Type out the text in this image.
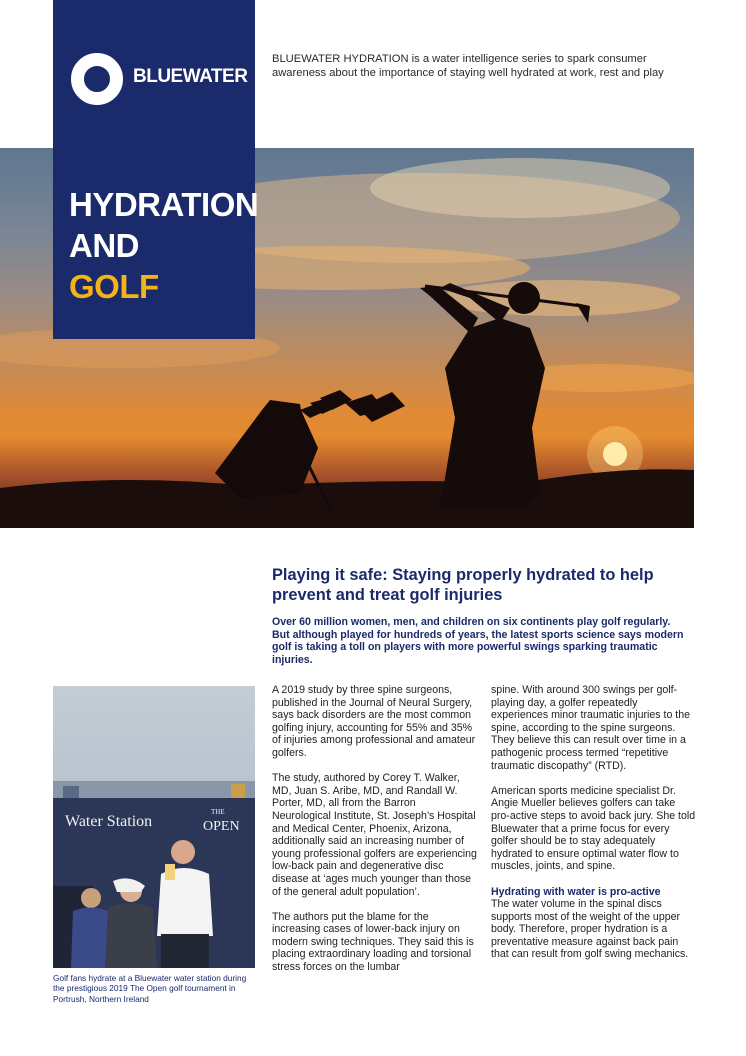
BLUEWATER
HYDRATION
AND
GOLF
BLUEWATER HYDRATION is a water intelligence series to spark consumer awareness about the importance of staying well hydrated at work, rest and play
Playing it safe: Staying properly hydrated to help prevent and treat golf injuries
Over 60 million women, men, and children on six continents play golf regularly. But although played for hundreds of years, the latest sports science says modern golf is taking a toll on players with more powerful swings sparking traumatic injuries.

A 2019 study by three spine surgeons, published in the Journal of Neural Surgery, says back disorders are the most common golfing injury, accounting for 55% and 35% of injuries among professional and amateur golfers.

The study, authored by Corey T. Walker, MD, Juan S. Aribe, MD, and Randall W. Porter, MD, all from the Barron Neurological Institute, St. Joseph’s Hospital and Medical Center, Phoenix, Arizona, additionally said an increasing number of young professional golfers are experiencing low-back pain and degenerative disc disease at ‘ages much younger than those of the general adult population’.

The authors put the blame for the increasing cases of lower-back injury on modern swing techniques. They said this is placing extraordinary loading and torsional stress forces on the lumbar

spine. With around 300 swings per golf-playing day, a golfer repeatedly experiences minor traumatic injuries to the spine, according to the spine surgeons. They believe this can result over time in a pathogenic process termed “repetitive traumatic discopathy” (RTD).

American sports medicine specialist Dr. Angie Mueller believes golfers can take pro-active steps to avoid back jury. She told Bluewater that a prime focus for every golfer should be to stay adequately hydrated to ensure optimal water flow to muscles, joints, and spine.

Hydrating with water is pro-active

The water volume in the spinal discs supports most of the weight of the upper body. Therefore, proper hydration is a preventative measure against back pain that can result from golf swing mechanics.

Water Station
THE
OPEN
Golf fans hydrate at a Bluewater water station during the prestigious 2019 The Open golf tournament in Portrush, Northern Ireland
